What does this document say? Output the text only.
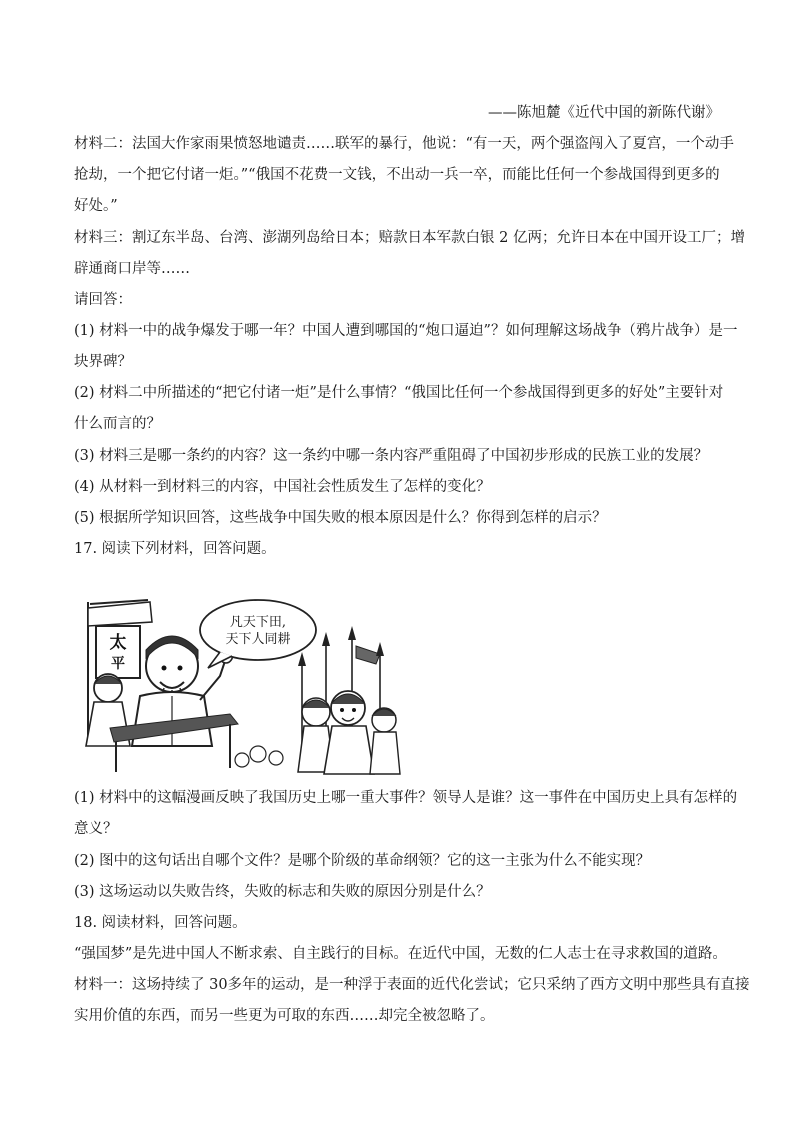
——陈旭麓《近代中国的新陈代谢》
材料二：法国大作家雨果愤怒地谴责……联军的暴行，他说：“有一天，两个强盗闯入了夏宫，一个动手
抢劫，一个把它付诸一炬。”“俄国不花费一文钱，不出动一兵一卒，而能比任何一个参战国得到更多的
好处。”
材料三：割辽东半岛、台湾、澎湖列岛给日本；赔款日本军款白银 2 亿两；允许日本在中国开设工厂；增
辟通商口岸等……
请回答：
(1) 材料一中的战争爆发于哪一年？中国人遭到哪国的“炮口逼迫”？如何理解这场战争（鸦片战争）是一
块界碑？
(2) 材料二中所描述的“把它付诸一炬”是什么事情？“俄国比任何一个参战国得到更多的好处”主要针对
什么而言的？
(3) 材料三是哪一条约的内容？这一条约中哪一条内容严重阻碍了中国初步形成的民族工业的发展？
(4) 从材料一到材料三的内容，中国社会性质发生了怎样的变化？
(5) 根据所学知识回答，这些战争中国失败的根本原因是什么？你得到怎样的启示？
17. 阅读下列材料，回答问题。
太
平
凡天下田,
天下人同耕
(1) 材料中的这幅漫画反映了我国历史上哪一重大事件？领导人是谁？这一事件在中国历史上具有怎样的
意义？
(2) 图中的这句话出自哪个文件？是哪个阶级的革命纲领？它的这一主张为什么不能实现？
(3) 这场运动以失败告终，失败的标志和失败的原因分别是什么？
18. 阅读材料，回答问题。
“强国梦”是先进中国人不断求索、自主践行的目标。在近代中国，无数的仁人志士在寻求救国的道路。
材料一：这场持续了 30多年的运动，是一种浮于表面的近代化尝试；它只采纳了西方文明中那些具有直接
实用价值的东西，而另一些更为可取的东西……却完全被忽略了。
